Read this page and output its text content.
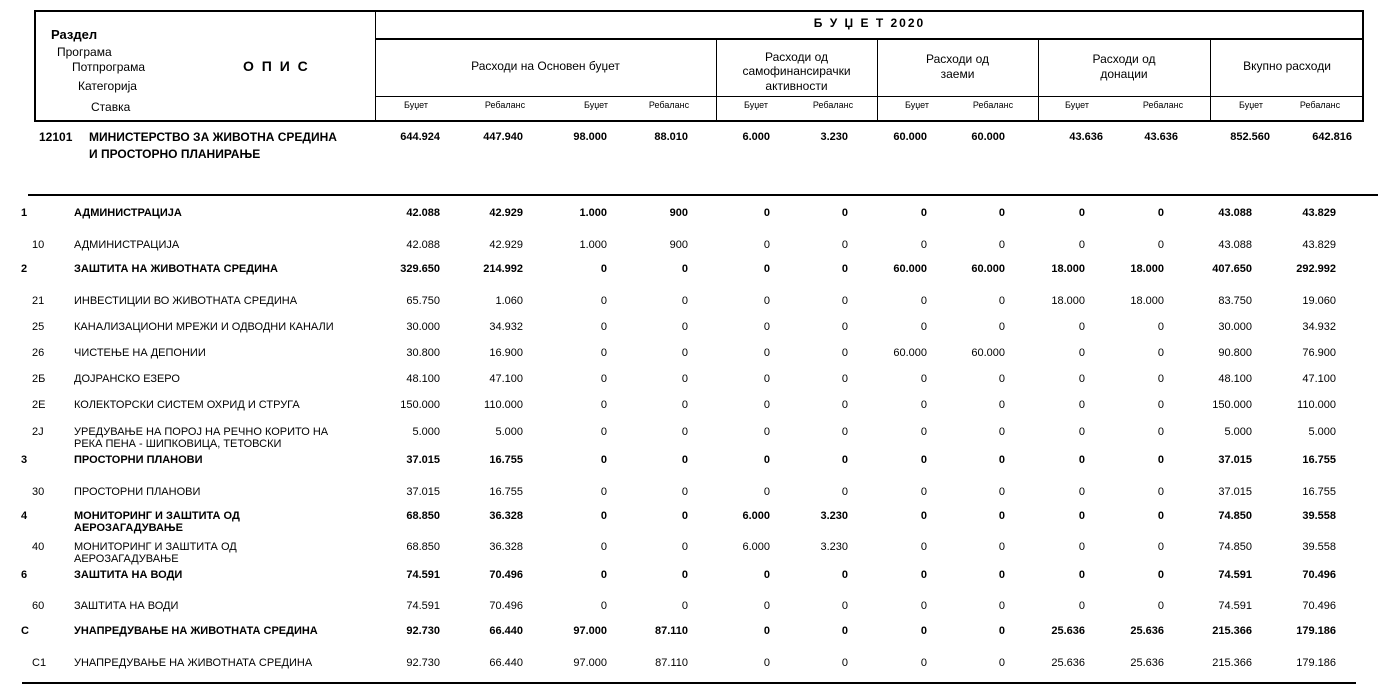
Раздел
Програма
Потпрограма
Категорија
Ставка
О П И С
Б У Џ Е Т 2020
Расходи на Основен буџет
Расходи од
самофинансирачки
активности
Расходи од
заеми
Расходи од
донации
Вкупно расходи
Буџет	Ребаланс	Буџет	Ребаланс	Буџет	Ребаланс	Буџет	Ребаланс	Буџет	Ребаланс	Буџет	Ребаланс
12101 МИНИСТЕРСТВО ЗА ЖИВОТНА СРЕДИНА
И ПРОСТОРНО ПЛАНИРАЊЕ
644.924	447.940	98.000	88.010	6.000	3.230	60.000	60.000	43.636	43.636	852.560	642.816
1	АДМИНИСТРАЦИЈА	42.088	42.929	1.000	900	0	0	0	0	0	0	43.088	43.829
10	АДМИНИСТРАЦИЈА	42.088	42.929	1.000	900	0	0	0	0	0	0	43.088	43.829
2	ЗАШТИТА НА ЖИВОТНАТА СРЕДИНА	329.650	214.992	0	0	0	0	60.000	60.000	18.000	18.000	407.650	292.992
21	ИНВЕСТИЦИИ ВО ЖИВОТНАТА СРЕДИНА	65.750	1.060	0	0	0	0	0	0	18.000	18.000	83.750	19.060
25	КАНАЛИЗАЦИОНИ МРЕЖИ И ОДВОДНИ КАНАЛИ	30.000	34.932	0	0	0	0	0	0	0	0	30.000	34.932
26	ЧИСТЕЊЕ НА ДЕПОНИИ	30.800	16.900	0	0	0	0	60.000	60.000	0	0	90.800	76.900
2Б	ДОЈРАНСКО ЕЗЕРО	48.100	47.100	0	0	0	0	0	0	0	0	48.100	47.100
2Е	КОЛЕКТОРСКИ СИСТЕМ ОХРИД И СТРУГА	150.000	110.000	0	0	0	0	0	0	0	0	150.000	110.000
2Ј	УРЕДУВАЊЕ НА ПОРОЈ НА РЕЧНО КОРИТО НА
РЕКА ПЕНА - ШИПКОВИЦА, ТЕТОВСКИ
5.000	5.000	0	0	0	0	0	0	0	0	5.000	5.000
3	ПРОСТОРНИ ПЛАНОВИ	37.015	16.755	0	0	0	0	0	0	0	0	37.015	16.755
30	ПРОСТОРНИ ПЛАНОВИ	37.015	16.755	0	0	0	0	0	0	0	0	37.015	16.755
4	МОНИТОРИНГ И ЗАШТИТА ОД
АЕРОЗАГАДУВАЊЕ
68.850	36.328	0	0	6.000	3.230	0	0	0	0	74.850	39.558
40	МОНИТОРИНГ И ЗАШТИТА ОД
АЕРОЗАГАДУВАЊЕ
68.850	36.328	0	0	6.000	3.230	0	0	0	0	74.850	39.558
6	ЗАШТИТА НА ВОДИ	74.591	70.496	0	0	0	0	0	0	0	0	74.591	70.496
60	ЗАШТИТА НА ВОДИ	74.591	70.496	0	0	0	0	0	0	0	0	74.591	70.496
C	УНАПРЕДУВАЊЕ НА ЖИВОТНАТА СРЕДИНА	92.730	66.440	97.000	87.110	0	0	0	0	25.636	25.636	215.366	179.186
C1	УНАПРЕДУВАЊЕ НА ЖИВОТНАТА СРЕДИНА	92.730	66.440	97.000	87.110	0	0	0	0	25.636	25.636	215.366	179.186
